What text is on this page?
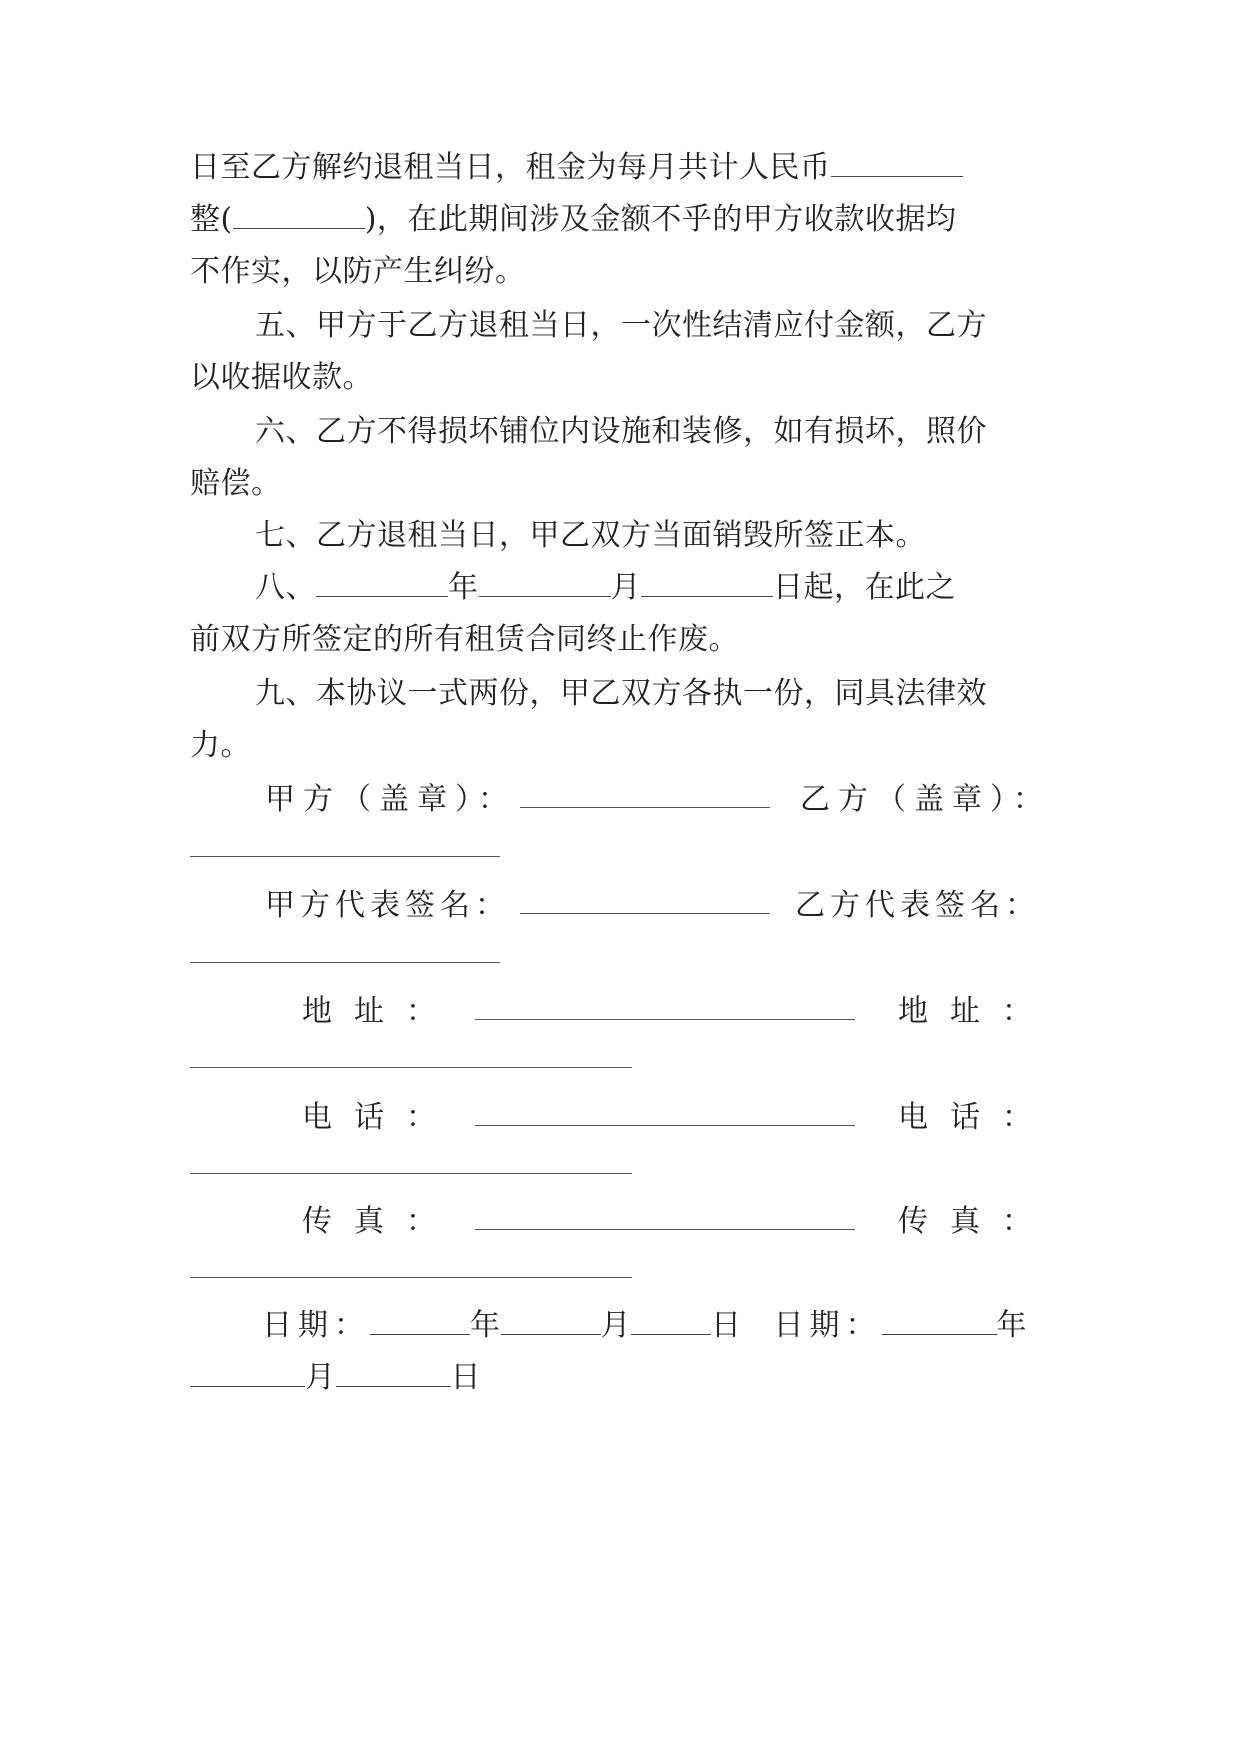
日至乙方解约退租当日，租金为每月共计人民币
整(	)，在此期间涉及金额不乎的甲方收款收据均
不作实，以防产生纠纷。
五、甲方于乙方退租当日，一次性结清应付金额，乙方
以收据收款。
六、乙方不得损坏铺位内设施和装修，如有损坏，照价
赔偿。
七、乙方退租当日，甲乙双方当面销毁所签正本。
八、	年	月	日起，在此之
前双方所签定的所有租赁合同终止作废。
九、本协议一式两份，甲乙双方各执一份，同具法律效
力。
甲方（盖章）：	乙方（盖章）：
甲方代表签名：	乙方代表签名：
地址：	地址：
电话：	电话：
传真：	传真：
日期：	年	月	日 日期：	年
月	日
